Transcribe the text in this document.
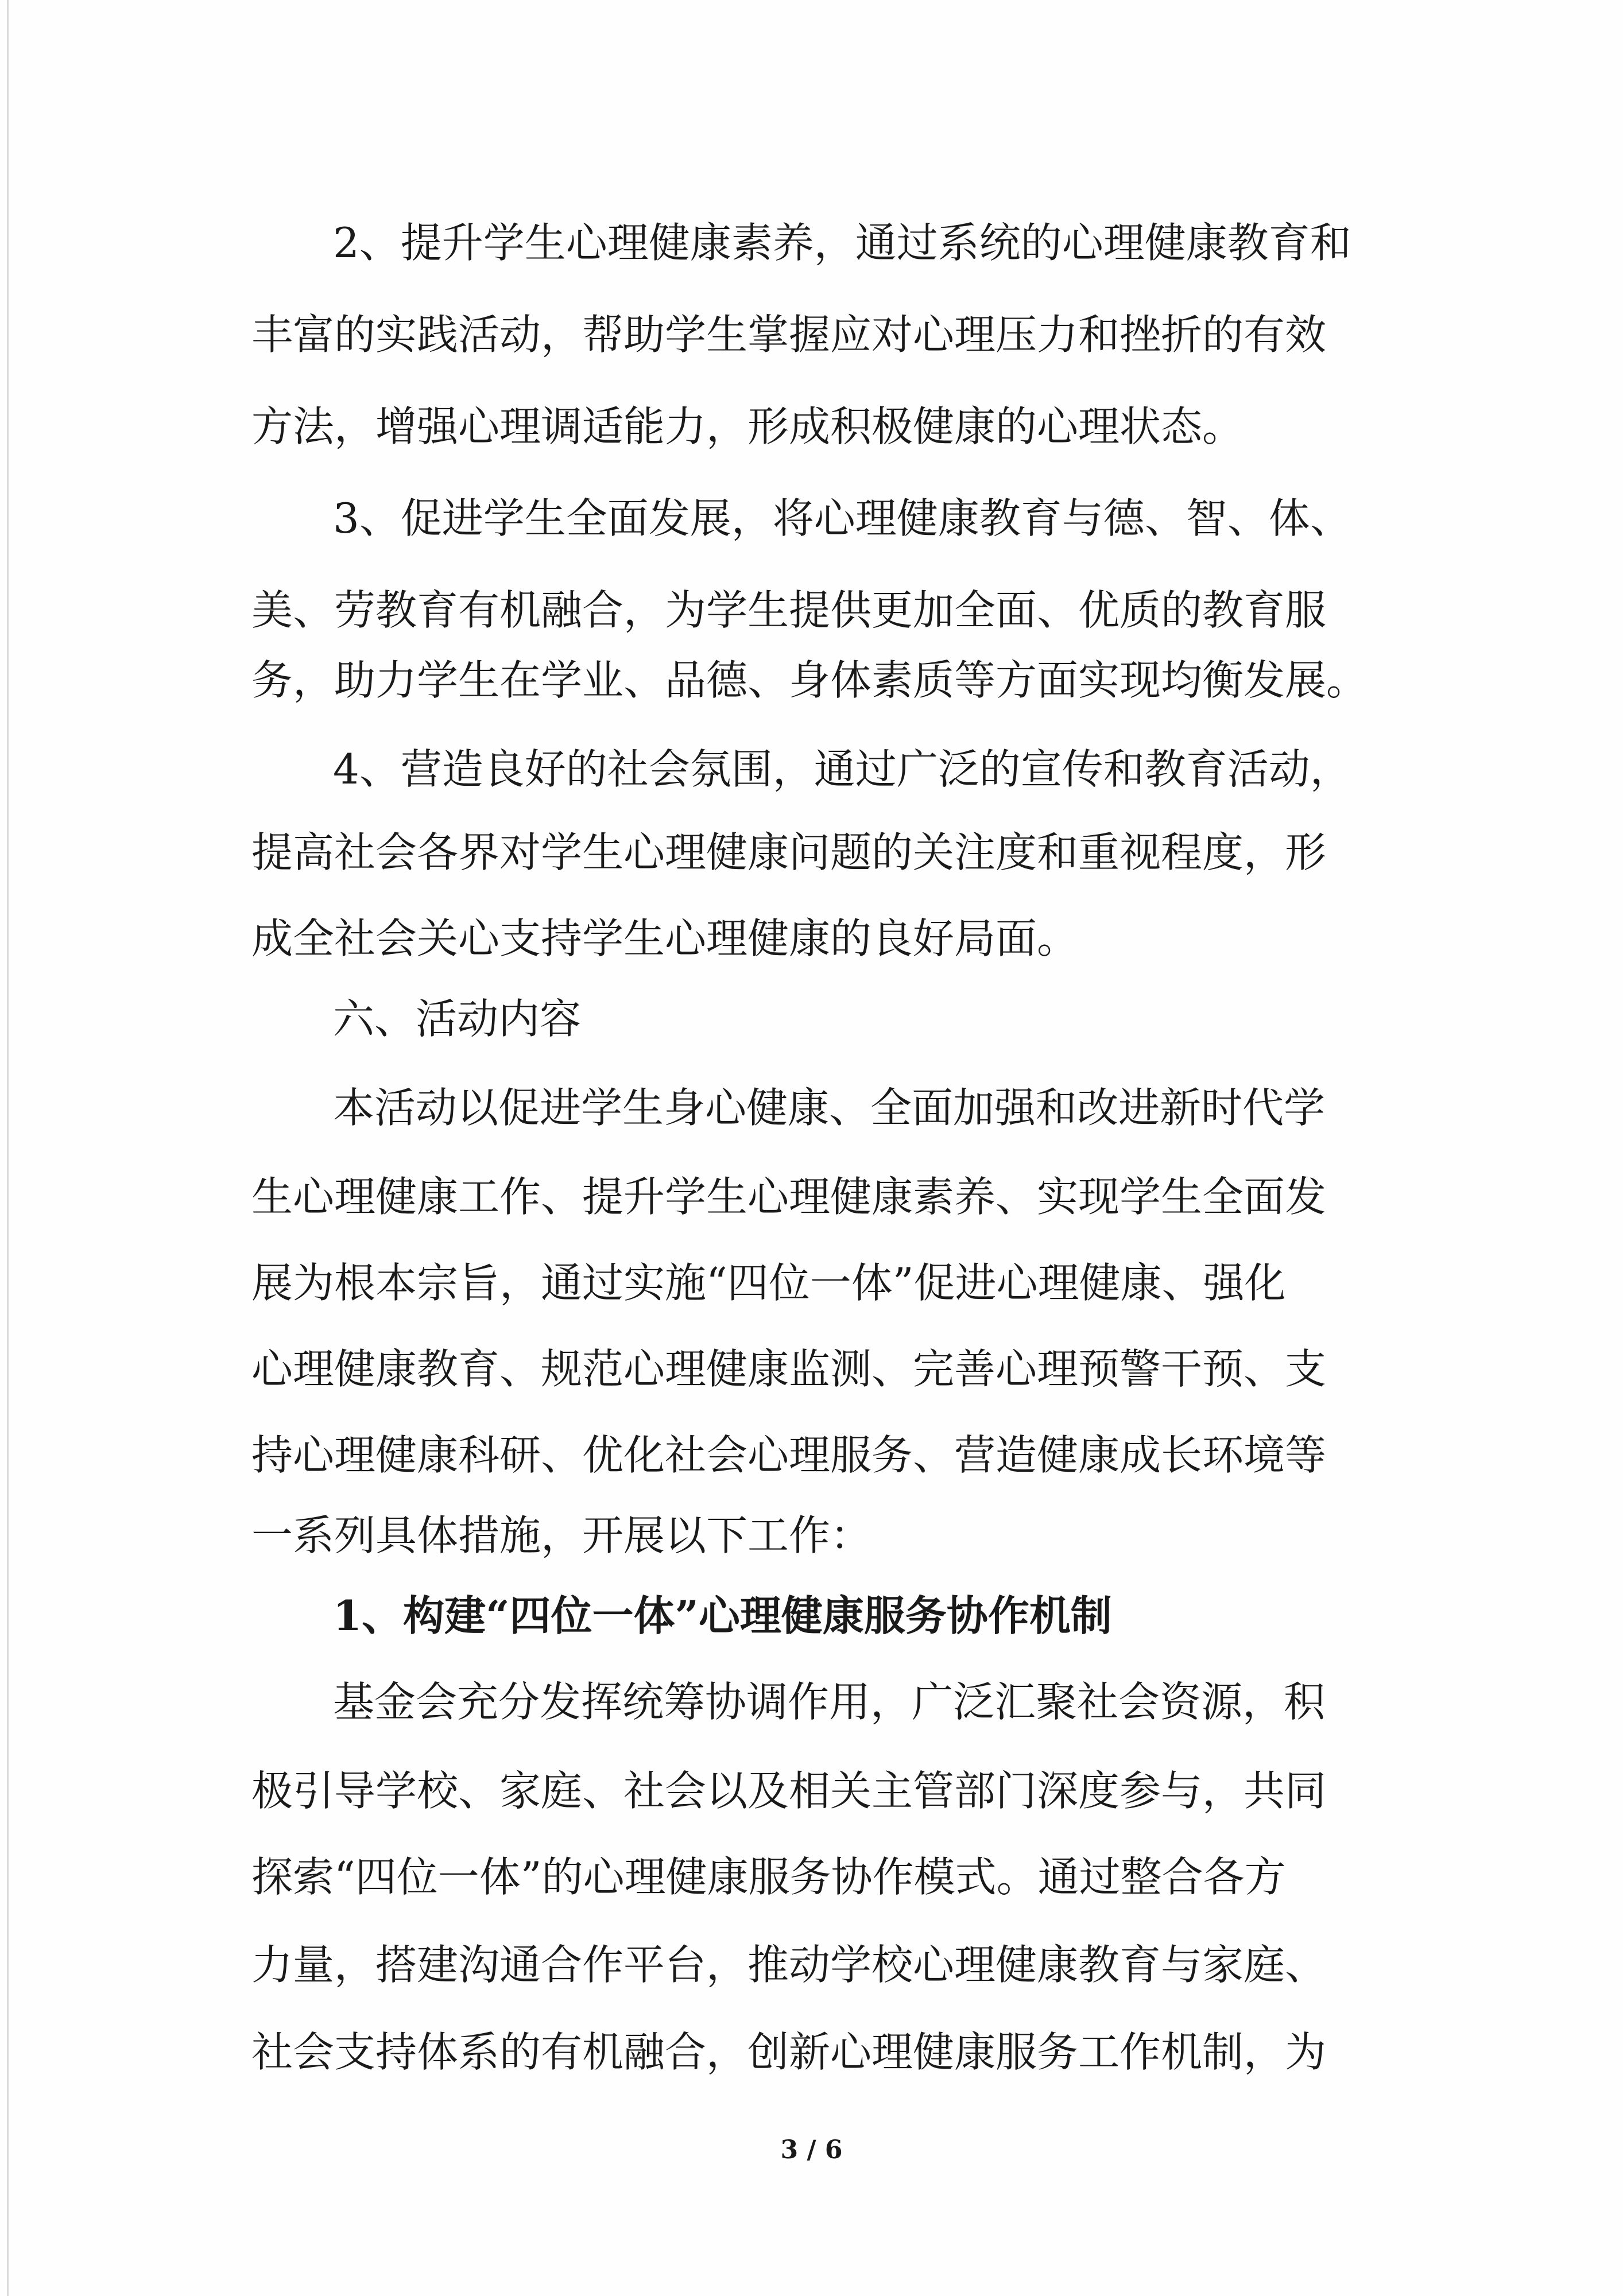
2、提升学生心理健康素养，通过系统的心理健康教育和
丰富的实践活动，帮助学生掌握应对心理压力和挫折的有效
方法，增强心理调适能力，形成积极健康的心理状态。
3、促进学生全面发展，将心理健康教育与德、智、体、
美、劳教育有机融合，为学生提供更加全面、优质的教育服
务，助力学生在学业、品德、身体素质等方面实现均衡发展。
4、营造良好的社会氛围，通过广泛的宣传和教育活动，
提高社会各界对学生心理健康问题的关注度和重视程度，形
成全社会关心支持学生心理健康的良好局面。
六、活动内容
本活动以促进学生身心健康、全面加强和改进新时代学
生心理健康工作、提升学生心理健康素养、实现学生全面发
展为根本宗旨，通过实施“四位一体”促进心理健康、强化
心理健康教育、规范心理健康监测、完善心理预警干预、支
持心理健康科研、优化社会心理服务、营造健康成长环境等
一系列具体措施，开展以下工作：
1、构建“四位一体”心理健康服务协作机制
基金会充分发挥统筹协调作用，广泛汇聚社会资源，积
极引导学校、家庭、社会以及相关主管部门深度参与，共同
探索“四位一体”的心理健康服务协作模式。通过整合各方
力量，搭建沟通合作平台，推动学校心理健康教育与家庭、
社会支持体系的有机融合，创新心理健康服务工作机制，为
3 / 6
